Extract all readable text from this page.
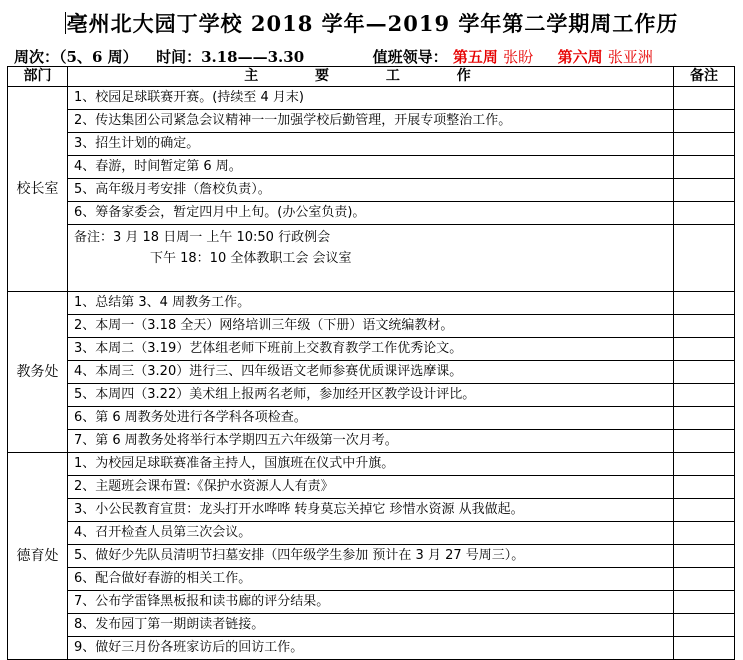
亳州北大园丁学校 2018 学年—2019 学年第二学期周工作历
周次：（5、6 周） 时间：3.18——3.30	值班领导： 第五周 张盼 第六周 张亚洲
部门	主 要 工 作	备注
校长室	1、校园足球联赛开赛。(持续至 4 月末)	
	2、传达集团公司紧急会议精神一一加强学校后勤管理，开展专项整治工作。	
	3、招生计划的确定。	
	4、春游，时间暂定第 6 周。	
	5、高年级月考安排（詹校负责）。	
	6、筹备家委会，暂定四月中上旬。(办公室负责)。	

	备注：3 月 18 日周一 上午 10:50 行政例会
下午 18：10 全体教职工会 会议室	

教务处	1、总结第 3、4 周教务工作。	
	2、本周一（3.18 全天）网络培训三年级（下册）语文统编教材。	
	3、本周二（3.19）艺体组老师下班前上交教育教学工作优秀论文。	
	4、本周三（3.20）进行三、四年级语文老师参赛优质课评选摩课。	
	5、本周四（3.22）美术组上报两名老师，参加经开区教学设计评比。	
	6、第 6 周教务处进行各学科各项检查。	
	7、第 6 周教务处将举行本学期四五六年级第一次月考。	
德育处	1、为校园足球联赛准备主持人，国旗班在仪式中升旗。	
	2、主题班会课布置:《保护水资源人人有责》	
	3、小公民教育宣贯：龙头打开水哗哗 转身莫忘关掉它 珍惜水资源 从我做起。	
	4、召开检查人员第三次会议。	
	5、做好少先队员清明节扫墓安排（四年级学生参加 预计在 3 月 27 号周三）。	
	6、配合做好春游的相关工作。	
	7、公布学雷锋黑板报和读书廊的评分结果。	
	8、发布园丁第一期朗读者链接。	
	9、做好三月份各班家访后的回访工作。	
